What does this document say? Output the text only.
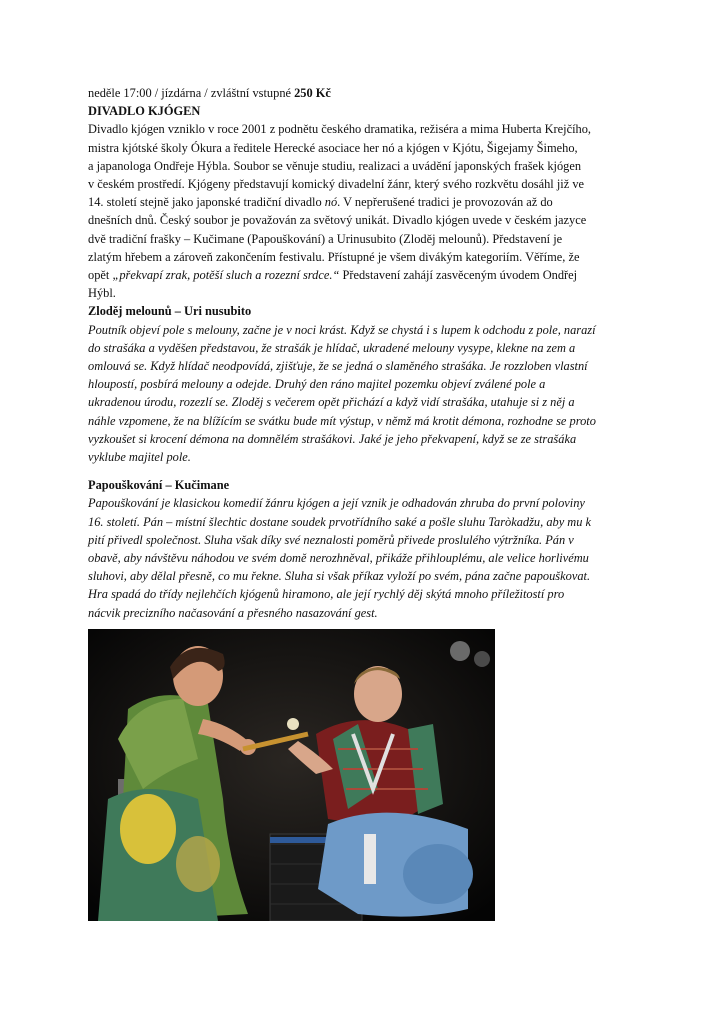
neděle 17:00 / jízdárna / zvláštní vstupné 250 Kč
DIVADLO KJÓGEN
Divadlo kjógen vzniklo v roce 2001 z podnětu českého dramatika, režiséra a mima Huberta Krejčího,
mistra kjótské školy Ókura a ředitele Herecké asociace her nó a kjógen v Kjótu, Šigejamy Šimeho,
a japanologa Ondřeje Hýbla. Soubor se věnuje studiu, realizaci a uvádění japonských frašek kjógen
v českém prostředí. Kjógeny představují komický divadelní žánr, který svého rozkvětu dosáhl již ve
14. století stejně jako japonské tradiční divadlo nó. V nepřerušené tradici je provozován až do
dnešních dnů. Český soubor je považován za světový unikát. Divadlo kjógen uvede v českém jazyce
dvě tradiční frašky – Kučimane (Papouškování) a Urinusubito (Zloděj melounů). Představení je
zlatým hřebem a zároveň zakončením festivalu. Přístupné je všem divákým kategoriím. Věříme, že
opět „překvapí zrak, potěší sluch a rozezní srdce.“ Představení zahájí zasvěceným úvodem Ondřej
Hýbl.
Zloděj melounů – Uri nusubito
Poutník objeví pole s melouny, začne je v noci krást. Když se chystá i s lupem k odchodu z pole, narazí
do strašáka a vyděšen představou, že strašák je hlídač, ukradené melouny vysype, klekne na zem a
omlouvá se. Když hlídač neodpovídá, zjišťuje, že se jedná o slaměného strašáka. Je rozzloben vlastní
hloupostí, posbírá melouny a odejde. Druhý den ráno majitel pozemku objeví zválené pole a
ukradenou úrodu, rozezlí se. Zloděj s večerem opět přichází a když vidí strašáka, utahuje si z něj a
náhle vzpomene, že na blížícím se svátku bude mít výstup, v němž má krotit démona, rozhodne se proto
vyzkoušet si krocení démona na domnělém strašákovi. Jaké je jeho překvapení, když se ze strašáka
vyklube majitel pole.
Papouškování – Kučimane
Papouškování je klasickou komedií žánru kjógen a její vznik je odhadován zhruba do první poloviny
16. století. Pán – místní šlechtic dostane soudek prvotřídního saké a pošle sluhu Taròkadžu, aby mu k
pití přivedl společnost. Sluha však díky své neznalosti poměrů přivede proslulého výtržníka. Pán v
obavě, aby návštěvu náhodou ve svém domě nerozhněval, přikáže přihlouplému, ale velice horlivému
sluhovi, aby dělal přesně, co mu řekne. Sluha si však příkaz vyloží po svém, pána začne papouškovat.
Hra spadá do třídy nejlehčích kjógenů hiramono, ale její rychlý děj skýtá mnoho příležitostí pro
nácvik precizního načasování a přesného nasazování gest.
